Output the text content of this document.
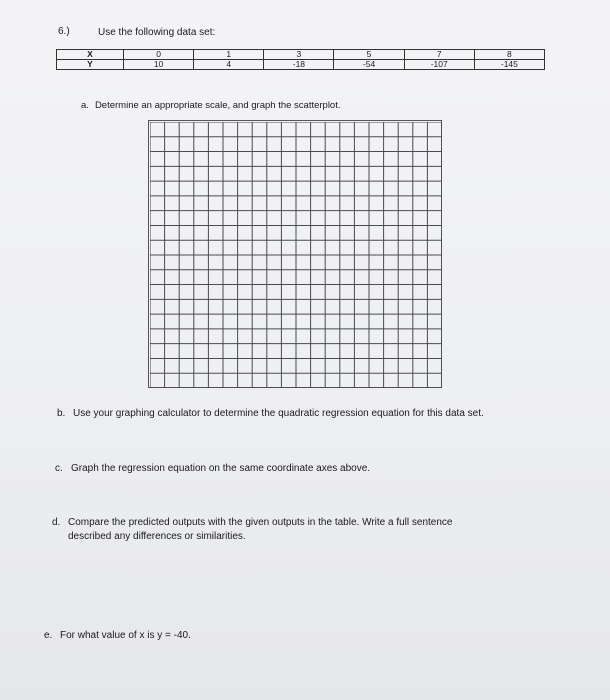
6.)	Use the following data set:
X	0	1	3	5	7	8
Y	10	4	-18	-54	-107	-145
a. Determine an appropriate scale, and graph the scatterplot.
b. Use your graphing calculator to determine the quadratic regression equation for this data set.
c. Graph the regression equation on the same coordinate axes above.
d. Compare the predicted outputs with the given outputs in the table. Write a full sentence
described any differences or similarities.
e. For what value of x is y = -40.
